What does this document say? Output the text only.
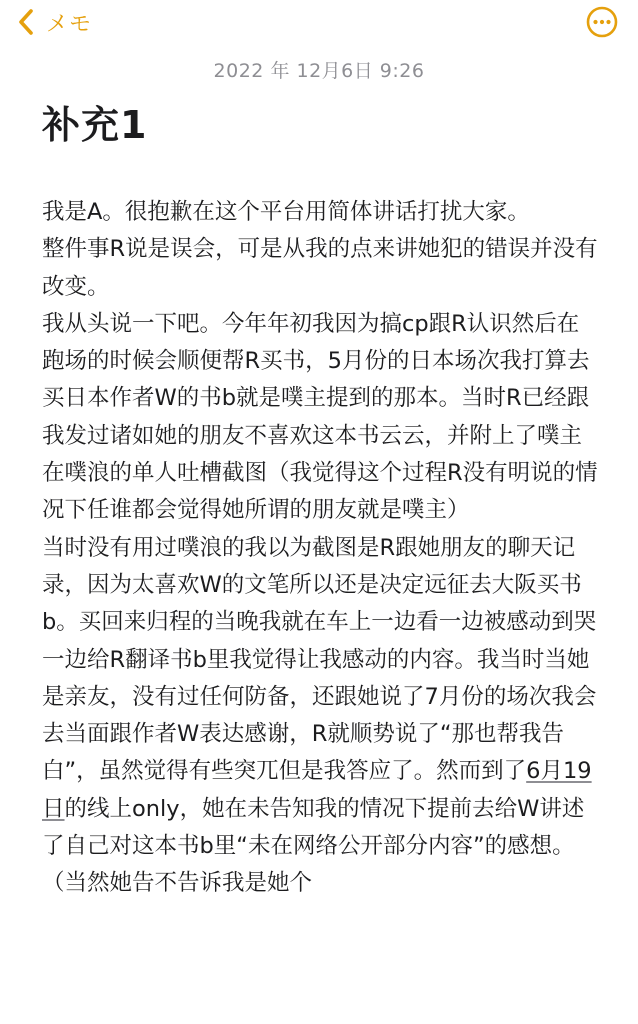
メモ
2022 年 12月6日 9:26
补充1

我是A。很抱歉在这个平台用简体讲话打扰大家。

整件事R说是误会，可是从我的点来讲她犯的错误并没有改变。

我从头说一下吧。今年年初我因为搞cp跟R认识然后在跑场的时候会顺便帮R买书，5月份的日本场次我打算去买日本作者W的书b就是噗主提到的那本。当时R已经跟我发过诸如她的朋友不喜欢这本书云云，并附上了噗主在噗浪的单人吐槽截图（我觉得这个过程R没有明说的情况下任谁都会觉得她所谓的朋友就是噗主）

当时没有用过噗浪的我以为截图是R跟她朋友的聊天记录，因为太喜欢W的文笔所以还是决定远征去大阪买书b。买回来归程的当晚我就在车上一边看一边被感动到哭一边给R翻译书b里我觉得让我感动的内容。我当时当她是亲友，没有过任何防备，还跟她说了7月份的场次我会去当面跟作者W表达感谢，R就顺势说了“那也帮我告白”，虽然觉得有些突兀但是我答应了。然而到了6月19日的线上only，她在未告知我的情况下提前去给W讲述了自己对这本书b里“未在网络公开部分内容”的感想。（当然她告不告诉我是她个
